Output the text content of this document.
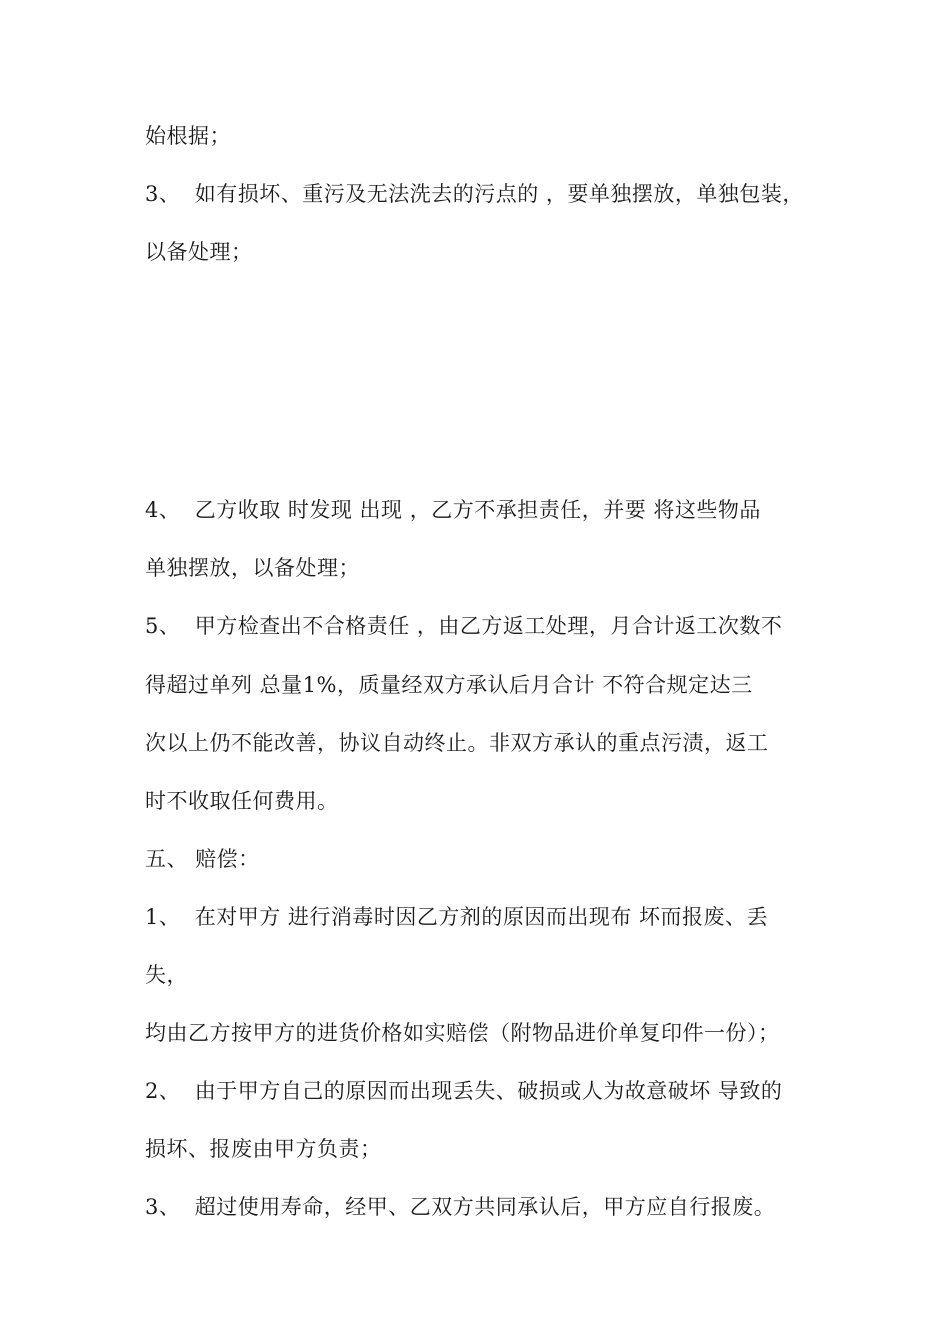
始根据；
3、  如有损坏、重污及无法洗去的污点的 ，要单独摆放，单独包装，
以备处理；
4、  乙方收取 时发现 出现 ，乙方不承担责任，并要 将这些物品
单独摆放，以备处理；
5、  甲方检查出不合格责任 ，由乙方返工处理，月合计返工次数不
得超过单列 总量1%，质量经双方承认后月合计 不符合规定达三
次以上仍不能改善，协议自动终止。非双方承认的重点污渍，返工
时不收取任何费用。
五、 赔偿：
1、  在对甲方 进行消毒时因乙方剂的原因而出现布 坏而报废、丢
失，
均由乙方按甲方的进货价格如实赔偿（附物品进价单复印件一份）；
2、  由于甲方自己的原因而出现丢失、破损或人为故意破坏 导致的
损坏、报废由甲方负责；
3、  超过使用寿命，经甲、乙双方共同承认后，甲方应自行报废。
